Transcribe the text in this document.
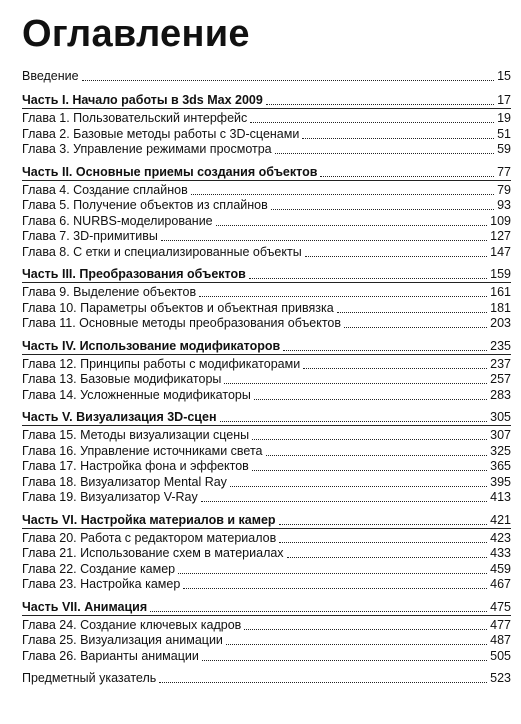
Оглавление
Введение	15
Часть I. Начало работы в 3ds Max 2009	17
Глава 1. Пользовательский интерфейс	19
Глава 2. Базовые методы работы с 3D-сценами	51
Глава 3. Управление режимами просмотра	59
Часть II. Основные приемы создания объектов	77
Глава 4. Создание сплайнов	79
Глава 5. Получение объектов из сплайнов	93
Глава 6. NURBS-моделирование	109
Глава 7. 3D-примитивы	127
Глава 8. С етки и специализированные объекты	147
Часть III. Преобразования объектов	159
Глава 9. Выделение объектов	161
Глава 10. Параметры объектов и объектная привязка	181
Глава 11. Основные методы преобразования объектов	203
Часть IV. Использование модификаторов	235
Глава 12. Принципы работы с модификаторами	237
Глава 13. Базовые модификаторы	257
Глава 14. Усложненные модификаторы	283
Часть V. Визуализация 3D-сцен	305
Глава 15. Методы визуализации сцены	307
Глава 16. Управление источниками света	325
Глава 17. Настройка фона и эффектов	365
Глава 18. Визуализатор Mental Ray	395
Глава 19. Визуализатор V-Ray	413
Часть VI. Настройка материалов и камер	421
Глава 20. Работа с редактором материалов	423
Глава 21. Использование схем в материалах	433
Глава 22. Создание камер	459
Глава 23. Настройка камер	467
Часть VII. Анимация	475
Глава 24. Создание ключевых кадров	477
Глава 25. Визуализация анимации	487
Глава 26. Варианты анимации	505
Предметный указатель	523
